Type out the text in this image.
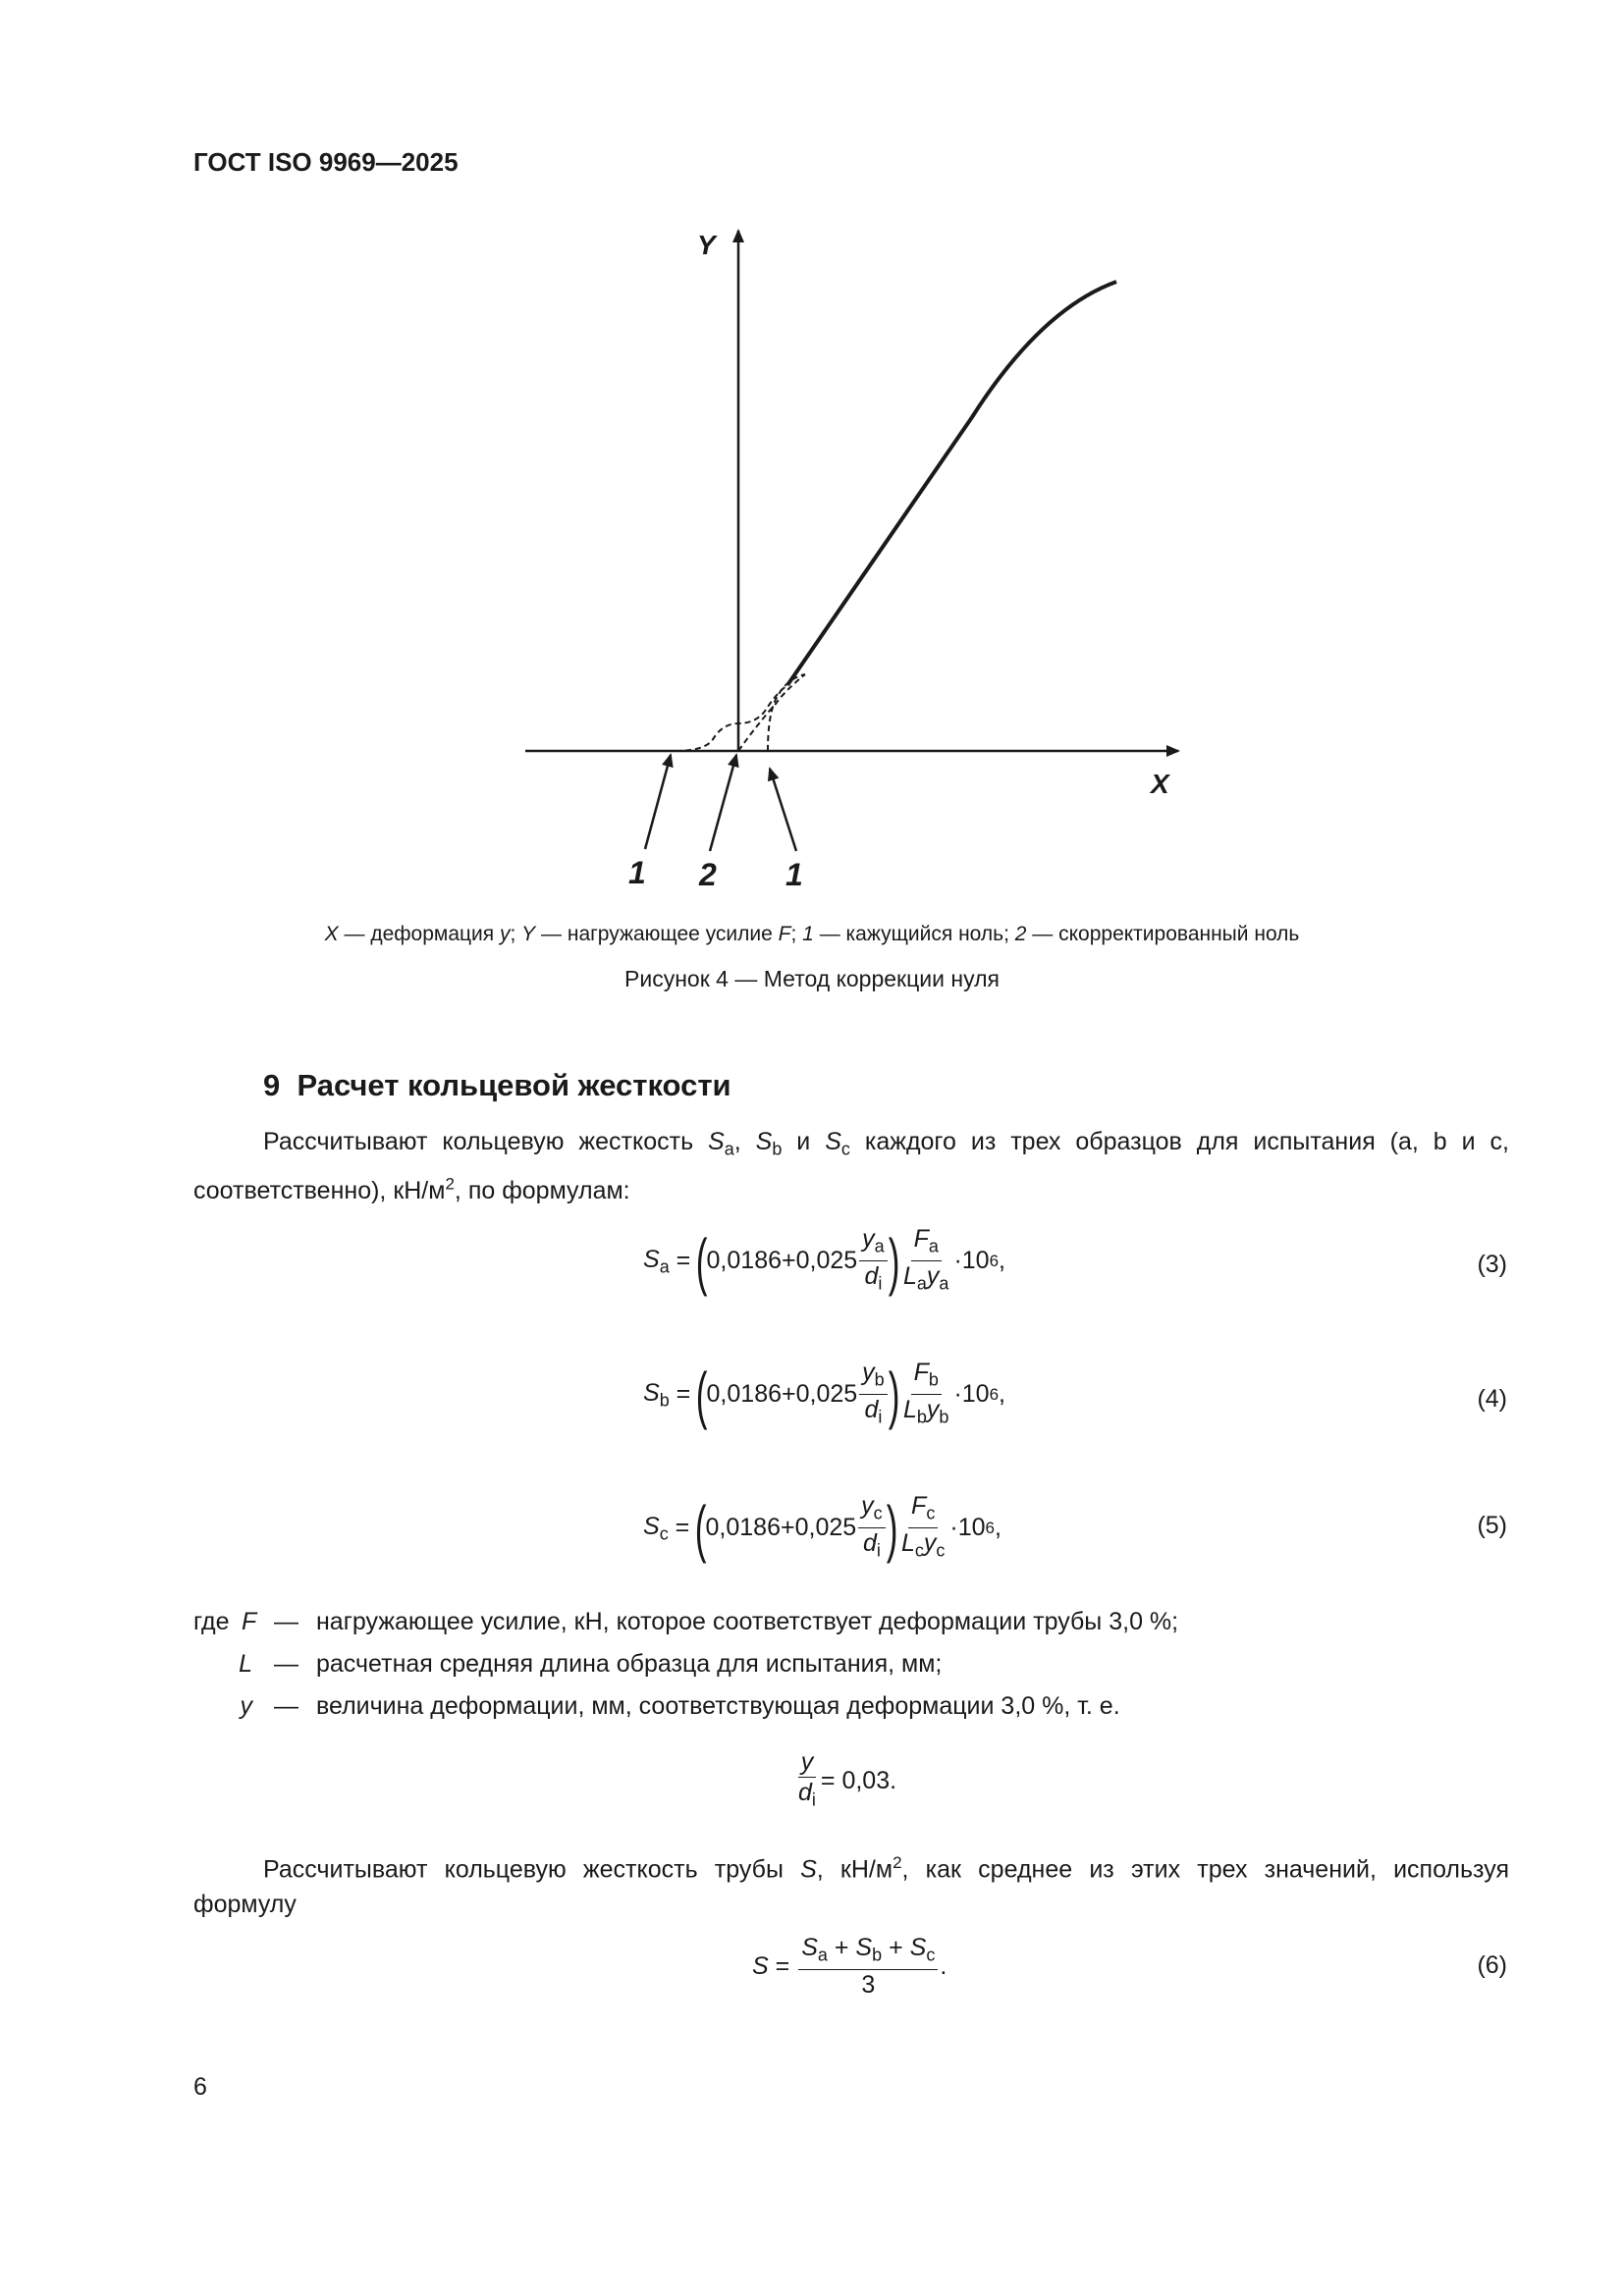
ГОСТ ISO 9969—2025
Y
X
1 2 1
X — деформация y; Y — нагружающее усилие F; 1 — кажущийся ноль; 2 — скорректированный ноль
Рисунок 4 — Метод коррекции нуля
9 Расчет кольцевой жесткости
Рассчитывают кольцевую жесткость $S_a$, $S_b$ и $S_c$ каждого из трех образцов для испытания (a, b и c,
соответственно), $кН/м^2$, по формулам:
$S_a$
=
(
$0,0186 + 0,025 \frac{y_a}{d_i}$ ) $\frac{F_a}{L_ay_a} \cdot 10$ 6 ,	(3)
$S_b$
=
(
$0,0186 + 0,025 \frac{y_b}{d_i}$ ) $\frac{F_b}{L_by_b} \cdot 10$ 6 ,	(4)
$S_c$
=
(
$0,0186 + 0,025 \frac{y_c}{d_i}$ ) $\frac{F_c}{L_cy_c} \cdot 10$ 6 ,	(5)
где F — нагружающее усилие, кН, которое соответствует деформации трубы 3,0 %;
L — расчетная средняя длина образца для испытания, мм;
y — величина деформации, мм, соответствующая деформации 3,0 %, т. е.
$\frac{y}{d_i} = 0,03$.
Рассчитывают кольцевую жесткость трубы S, $кН/м^2$, как среднее из этих трех значений, используя
формулу
S
=
$\frac{S_a + S_b + S_c}{3}$ .	(6)
6
